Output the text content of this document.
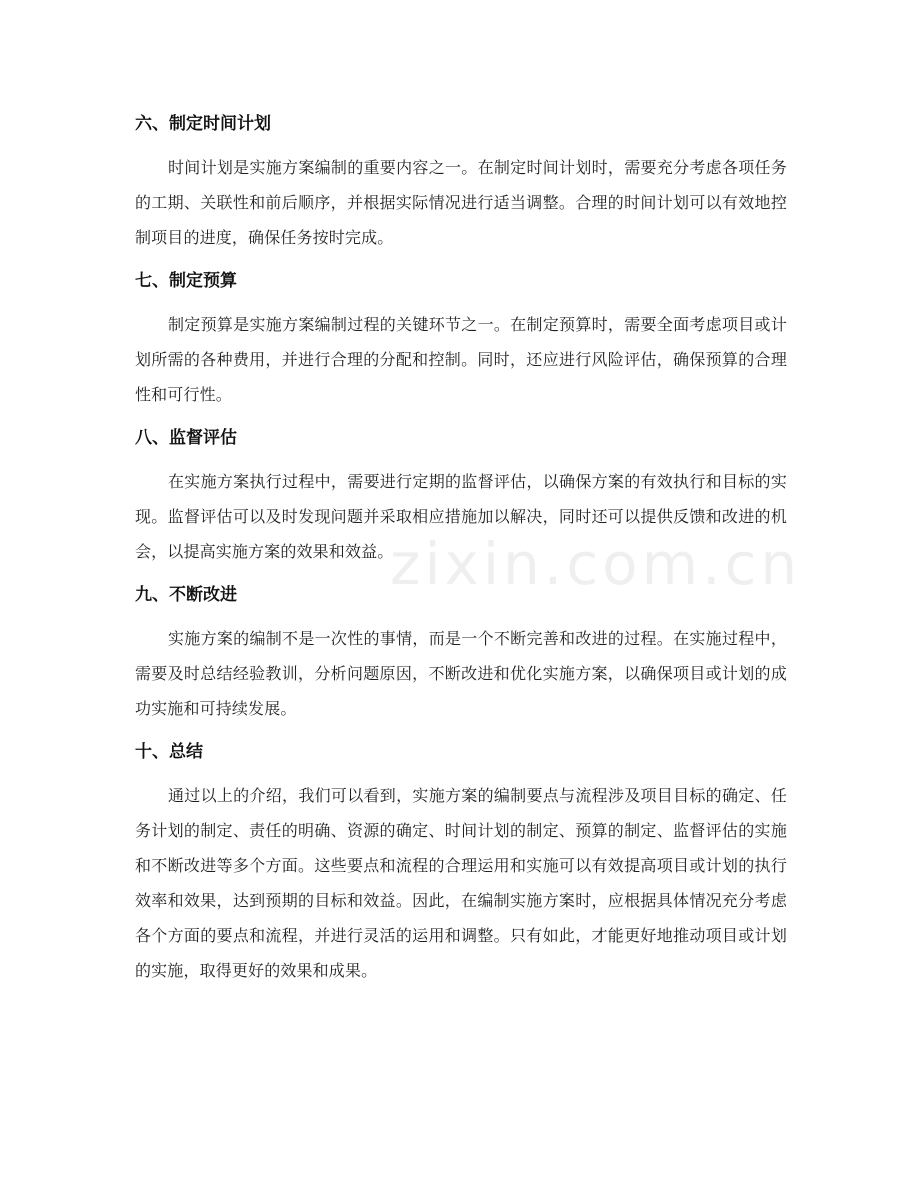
zixin.com.cn
六、制定时间计划

时间计划是实施方案编制的重要内容之一。在制定时间计划时，需要充分考虑各项任务的工期、关联性和前后顺序，并根据实际情况进行适当调整。合理的时间计划可以有效地控制项目的进度，确保任务按时完成。

七、制定预算

制定预算是实施方案编制过程的关键环节之一。在制定预算时，需要全面考虑项目或计划所需的各种费用，并进行合理的分配和控制。同时，还应进行风险评估，确保预算的合理性和可行性。

八、监督评估

在实施方案执行过程中，需要进行定期的监督评估，以确保方案的有效执行和目标的实现。监督评估可以及时发现问题并采取相应措施加以解决，同时还可以提供反馈和改进的机会，以提高实施方案的效果和效益。

九、不断改进

实施方案的编制不是一次性的事情，而是一个不断完善和改进的过程。在实施过程中，需要及时总结经验教训，分析问题原因，不断改进和优化实施方案，以确保项目或计划的成功实施和可持续发展。

十、总结

通过以上的介绍，我们可以看到，实施方案的编制要点与流程涉及项目目标的确定、任务计划的制定、责任的明确、资源的确定、时间计划的制定、预算的制定、监督评估的实施和不断改进等多个方面。这些要点和流程的合理运用和实施可以有效提高项目或计划的执行效率和效果，达到预期的目标和效益。因此，在编制实施方案时，应根据具体情况充分考虑各个方面的要点和流程，并进行灵活的运用和调整。只有如此，才能更好地推动项目或计划的实施，取得更好的效果和成果。
